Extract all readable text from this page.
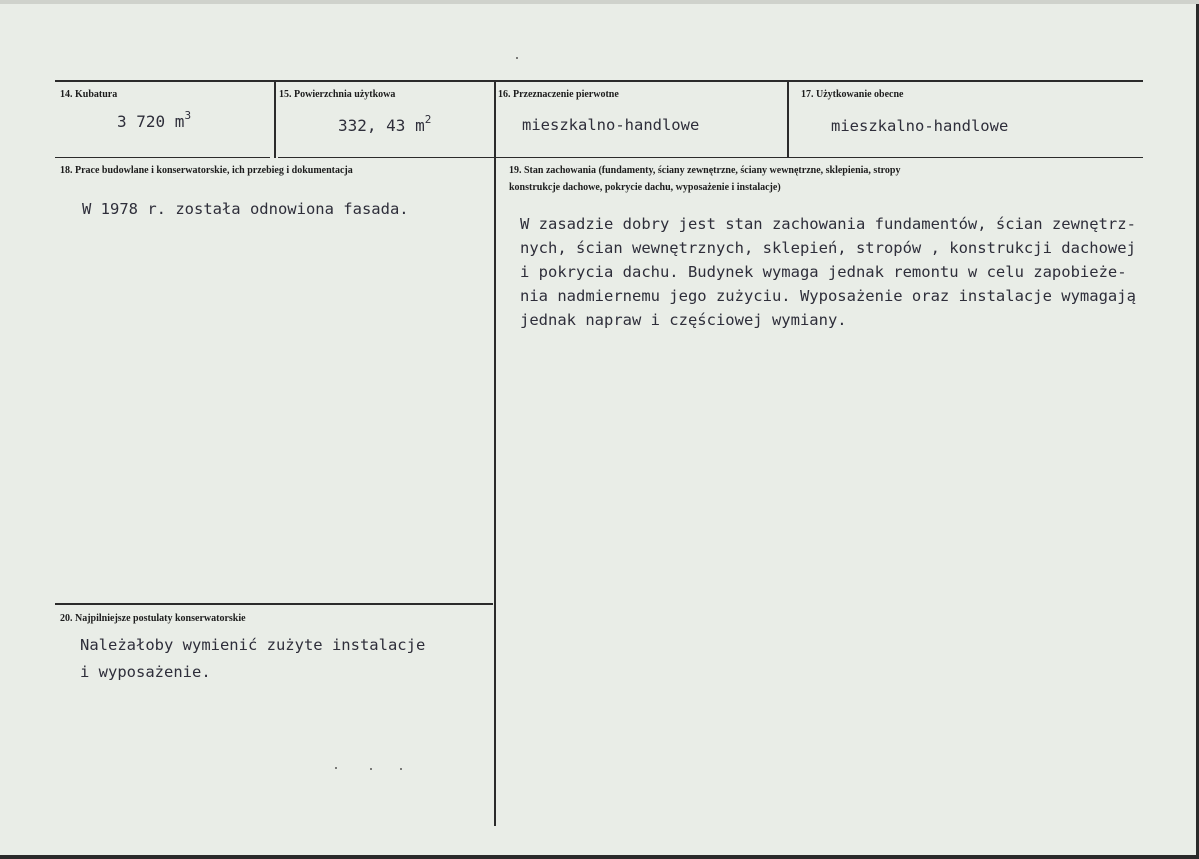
14. Kubatura
3 720 $m^3$
15. Powierzchnia użytkowa
332, 43 $m^2$
16. Przeznaczenie pierwotne
mieszkalno-handlowe
17. Użytkowanie obecne
mieszkalno-handlowe
18. Prace budowlane i konserwatorskie, ich przebieg i dokumentacja
W 1978 r. została odnowiona fasada.
19. Stan zachowania (fundamenty, ściany zewnętrzne, ściany wewnętrzne, sklepienia, stropy
konstrukcje dachowe, pokrycie dachu, wyposażenie i instalacje)
W zasadzie dobry jest stan zachowania fundamentów, ścian zewnętrz-
nych, ścian wewnętrznych, sklepień, stropów , konstrukcji dachowej
i pokrycia dachu. Budynek wymaga jednak remontu w celu zapobieże-
nia nadmiernemu jego zużyciu. Wyposażenie oraz instalacje wymagają
jednak napraw i częściowej wymiany.
20. Najpilniejsze postulaty konserwatorskie
Należałoby wymienić zużyte instalacje
i wyposażenie.
